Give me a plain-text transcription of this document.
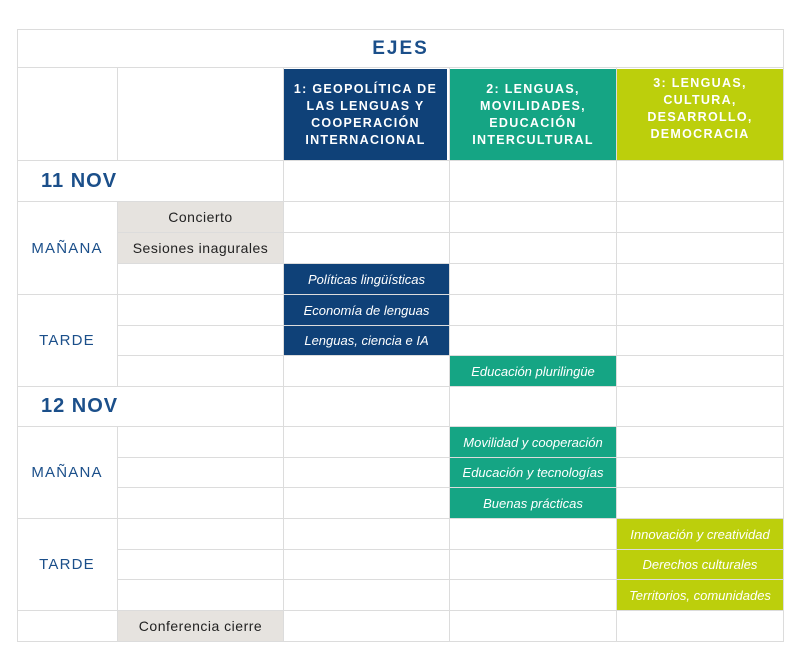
EJES
1: GEOPOLÍTICA DE LAS LENGUAS Y COOPERACIÓN INTERNACIONAL
2: LENGUAS, MOVILIDADES, EDUCACIÓN INTERCULTURAL
3: LENGUAS, CULTURA, DESARROLLO, DEMOCRACIA
11 NOV
MAÑANA
Concierto
Sesiones inagurales
TARDE
Políticas lingüísticas
Economía de lenguas
Lenguas, ciencia e IA
Educación plurilingüe
12 NOV
MAÑANA
Movilidad y cooperación
Educación y tecnologías
Buenas prácticas
TARDE
Innovación y creatividad
Derechos culturales
Territorios, comunidades
Conferencia cierre
